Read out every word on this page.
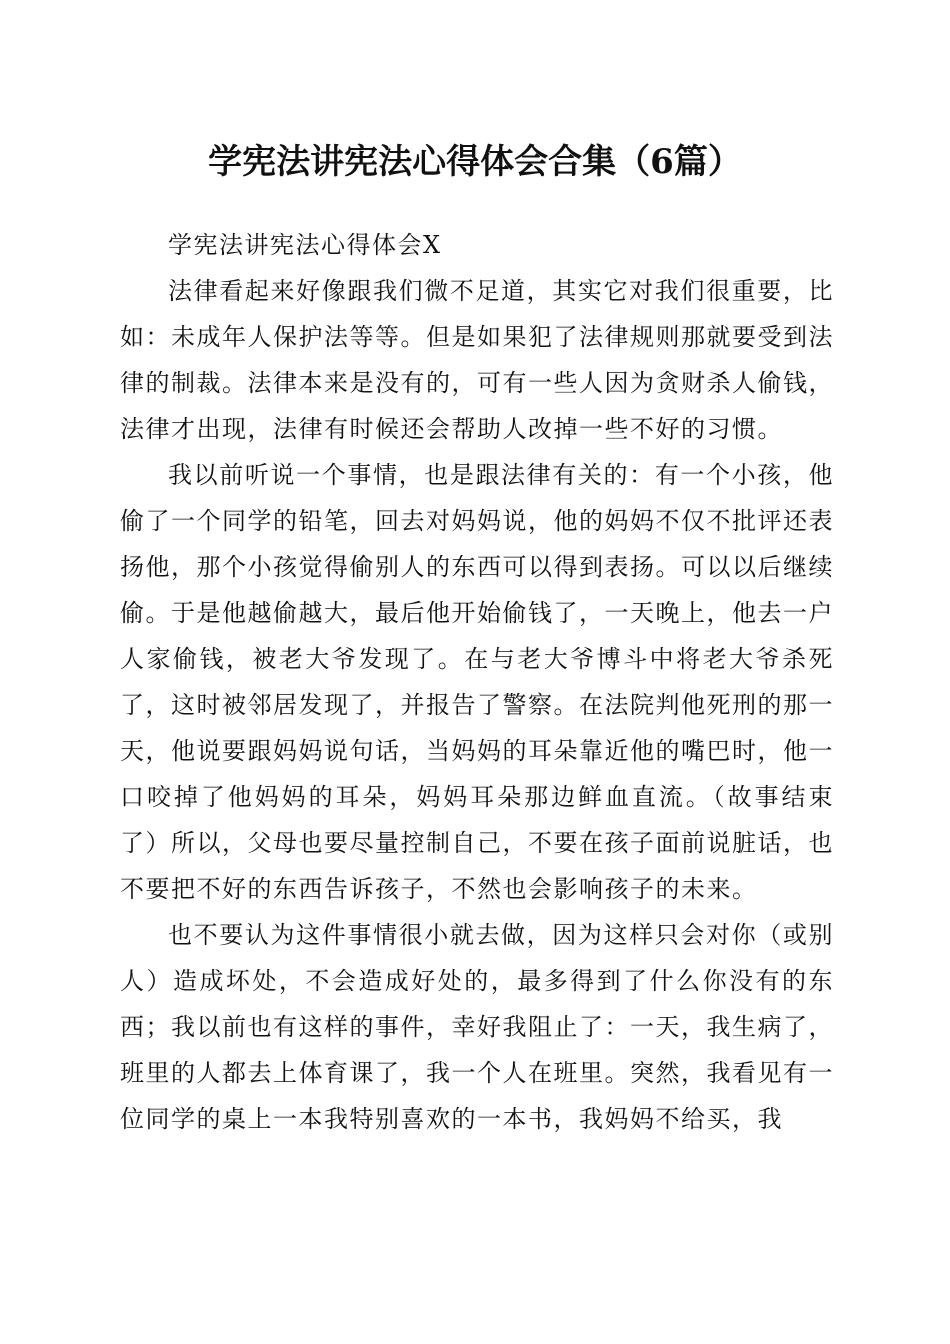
学宪法讲宪法心得体会合集（6篇）

学宪法讲宪法心得体会X

法律看起来好像跟我们微不足道，其实它对我们很重要，比如：未成年人保护法等等。但是如果犯了法律规则那就要受到法律的制裁。法律本来是没有的，可有一些人因为贪财杀人偷钱，法律才出现，法律有时候还会帮助人改掉一些不好的习惯。

我以前听说一个事情，也是跟法律有关的：有一个小孩，他偷了一个同学的铅笔，回去对妈妈说，他的妈妈不仅不批评还表扬他，那个小孩觉得偷别人的东西可以得到表扬。可以以后继续偷。于是他越偷越大，最后他开始偷钱了，一天晚上，他去一户人家偷钱，被老大爷发现了。在与老大爷博斗中将老大爷杀死了，这时被邻居发现了，并报告了警察。在法院判他死刑的那一天，他说要跟妈妈说句话，当妈妈的耳朵靠近他的嘴巴时，他一口咬掉了他妈妈的耳朵，妈妈耳朵那边鲜血直流。（故事结束了）所以，父母也要尽量控制自己，不要在孩子面前说脏话，也不要把不好的东西告诉孩子，不然也会影响孩子的未来。

也不要认为这件事情很小就去做，因为这样只会对你（或别人）造成坏处，不会造成好处的，最多得到了什么你没有的东西；我以前也有这样的事件，幸好我阻止了：一天，我生病了，班里的人都去上体育课了，我一个人在班里。突然，我看见有一位同学的桌上一本我特别喜欢的一本书，我妈妈不给买，我
